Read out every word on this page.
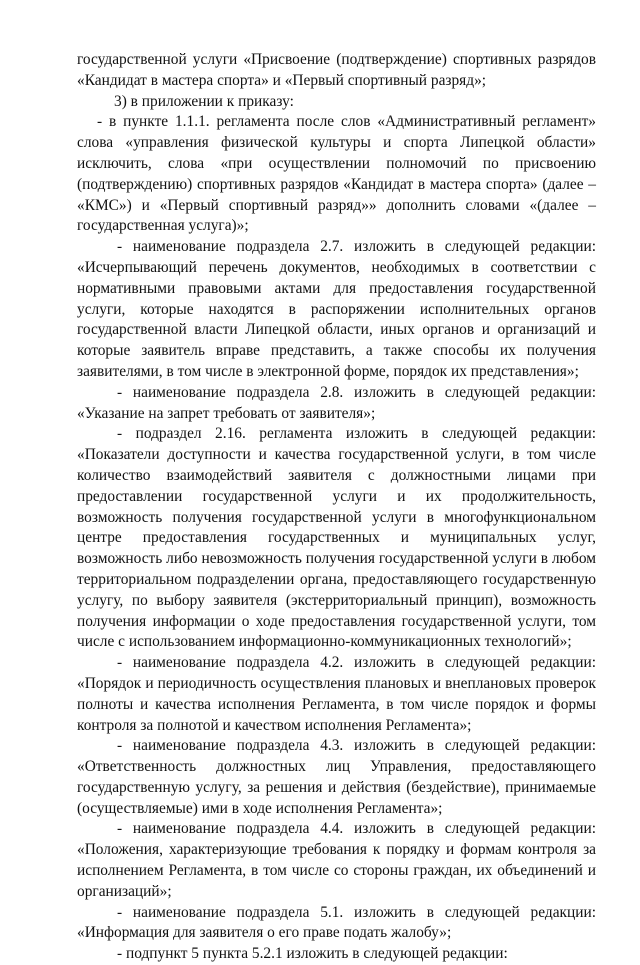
государственной услуги «Присвоение (подтверждение) спортивных разрядов «Кандидат в мастера спорта» и «Первый спортивный разряд»;

3) в приложении к приказу:

- в пункте 1.1.1. регламента после слов «Административный регламент» слова «управления физической культуры и спорта Липецкой области» исключить, слова «при осуществлении полномочий по присвоению (подтверждению) спортивных разрядов «Кандидат в мастера спорта» (далее – «КМС») и «Первый спортивный разряд»» дополнить словами «(далее – государственная услуга)»;

- наименование подраздела 2.7. изложить в следующей редакции: «Исчерпывающий перечень документов, необходимых в соответствии с нормативными правовыми актами для предоставления государственной услуги, которые находятся в распоряжении исполнительных органов государственной власти Липецкой области, иных органов и организаций и которые заявитель вправе представить, а также способы их получения заявителями, в том числе в электронной форме, порядок их представления»;

- наименование подраздела 2.8. изложить в следующей редакции: «Указание на запрет требовать от заявителя»;

- подраздел 2.16. регламента изложить в следующей редакции: «Показатели доступности и качества государственной услуги, в том числе количество взаимодействий заявителя с должностными лицами при предоставлении государственной услуги и их продолжительность, возможность получения государственной услуги в многофункциональном центре предоставления государственных и муниципальных услуг, возможность либо невозможность получения государственной услуги в любом территориальном подразделении органа, предоставляющего государственную услугу, по выбору заявителя (экстерриториальный принцип), возможность получения информации о ходе предоставления государственной услуги, том числе с использованием информационно-коммуникационных технологий»;

- наименование подраздела 4.2. изложить в следующей редакции: «Порядок и периодичность осуществления плановых и внеплановых проверок полноты и качества исполнения Регламента, в том числе порядок и формы контроля за полнотой и качеством исполнения Регламента»;

- наименование подраздела 4.3. изложить в следующей редакции: «Ответственность должностных лиц Управления, предоставляющего государственную услугу, за решения и действия (бездействие), принимаемые (осуществляемые) ими в ходе исполнения Регламента»;

- наименование подраздела 4.4. изложить в следующей редакции: «Положения, характеризующие требования к порядку и формам контроля за исполнением Регламента, в том числе со стороны граждан, их объединений и организаций»;

- наименование подраздела 5.1. изложить в следующей редакции: «Информация для заявителя о его праве подать жалобу»;

- подпункт 5 пункта 5.2.1 изложить в следующей редакции:
